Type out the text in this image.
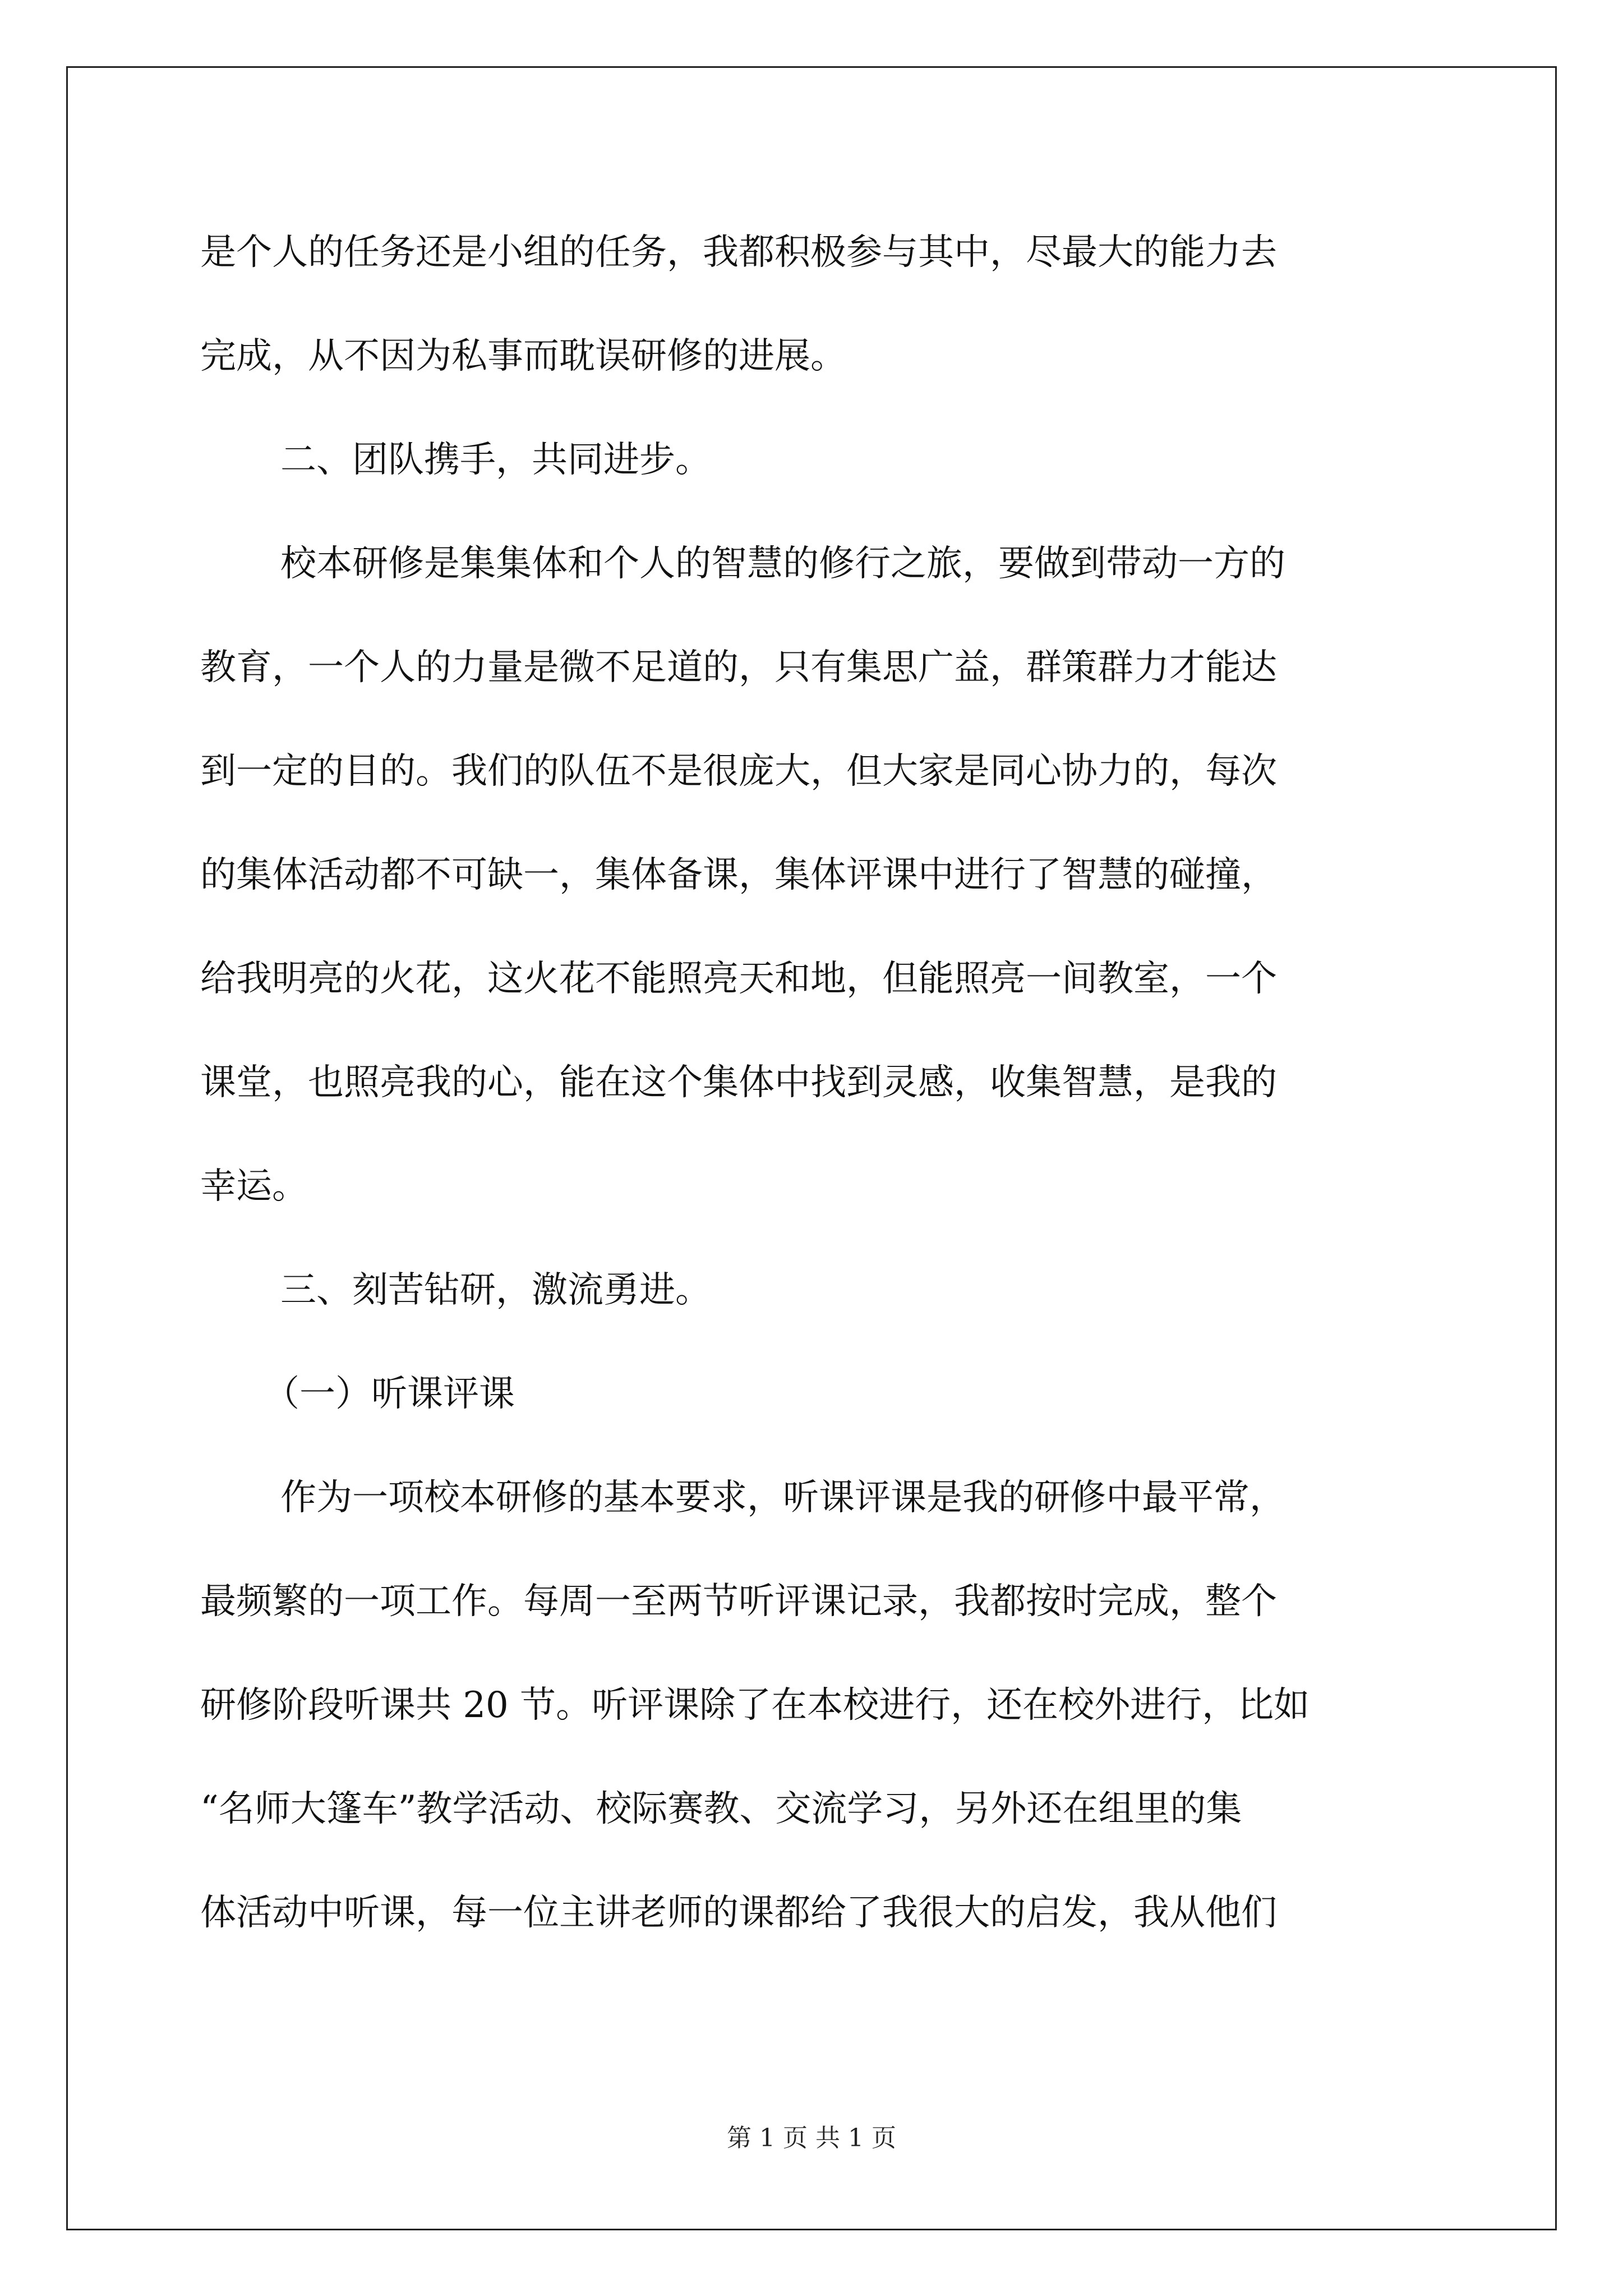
是个人的任务还是小组的任务，我都积极参与其中，尽最大的能力去
完成，从不因为私事而耽误研修的进展。
二、团队携手，共同进步。
校本研修是集集体和个人的智慧的修行之旅，要做到带动一方的
教育，一个人的力量是微不足道的，只有集思广益，群策群力才能达
到一定的目的。我们的队伍不是很庞大，但大家是同心协力的，每次
的集体活动都不可缺一，集体备课，集体评课中进行了智慧的碰撞，
给我明亮的火花，这火花不能照亮天和地，但能照亮一间教室，一个
课堂，也照亮我的心，能在这个集体中找到灵感，收集智慧，是我的
幸运。
三、刻苦钻研，激流勇进。
（一）听课评课
作为一项校本研修的基本要求，听课评课是我的研修中最平常，
最频繁的一项工作。每周一至两节听评课记录，我都按时完成，整个
研修阶段听课共 20 节。听评课除了在本校进行，还在校外进行，比如
“名师大篷车”教学活动、校际赛教、交流学习，另外还在组里的集
体活动中听课，每一位主讲老师的课都给了我很大的启发，我从他们
第 1 页 共 1 页
